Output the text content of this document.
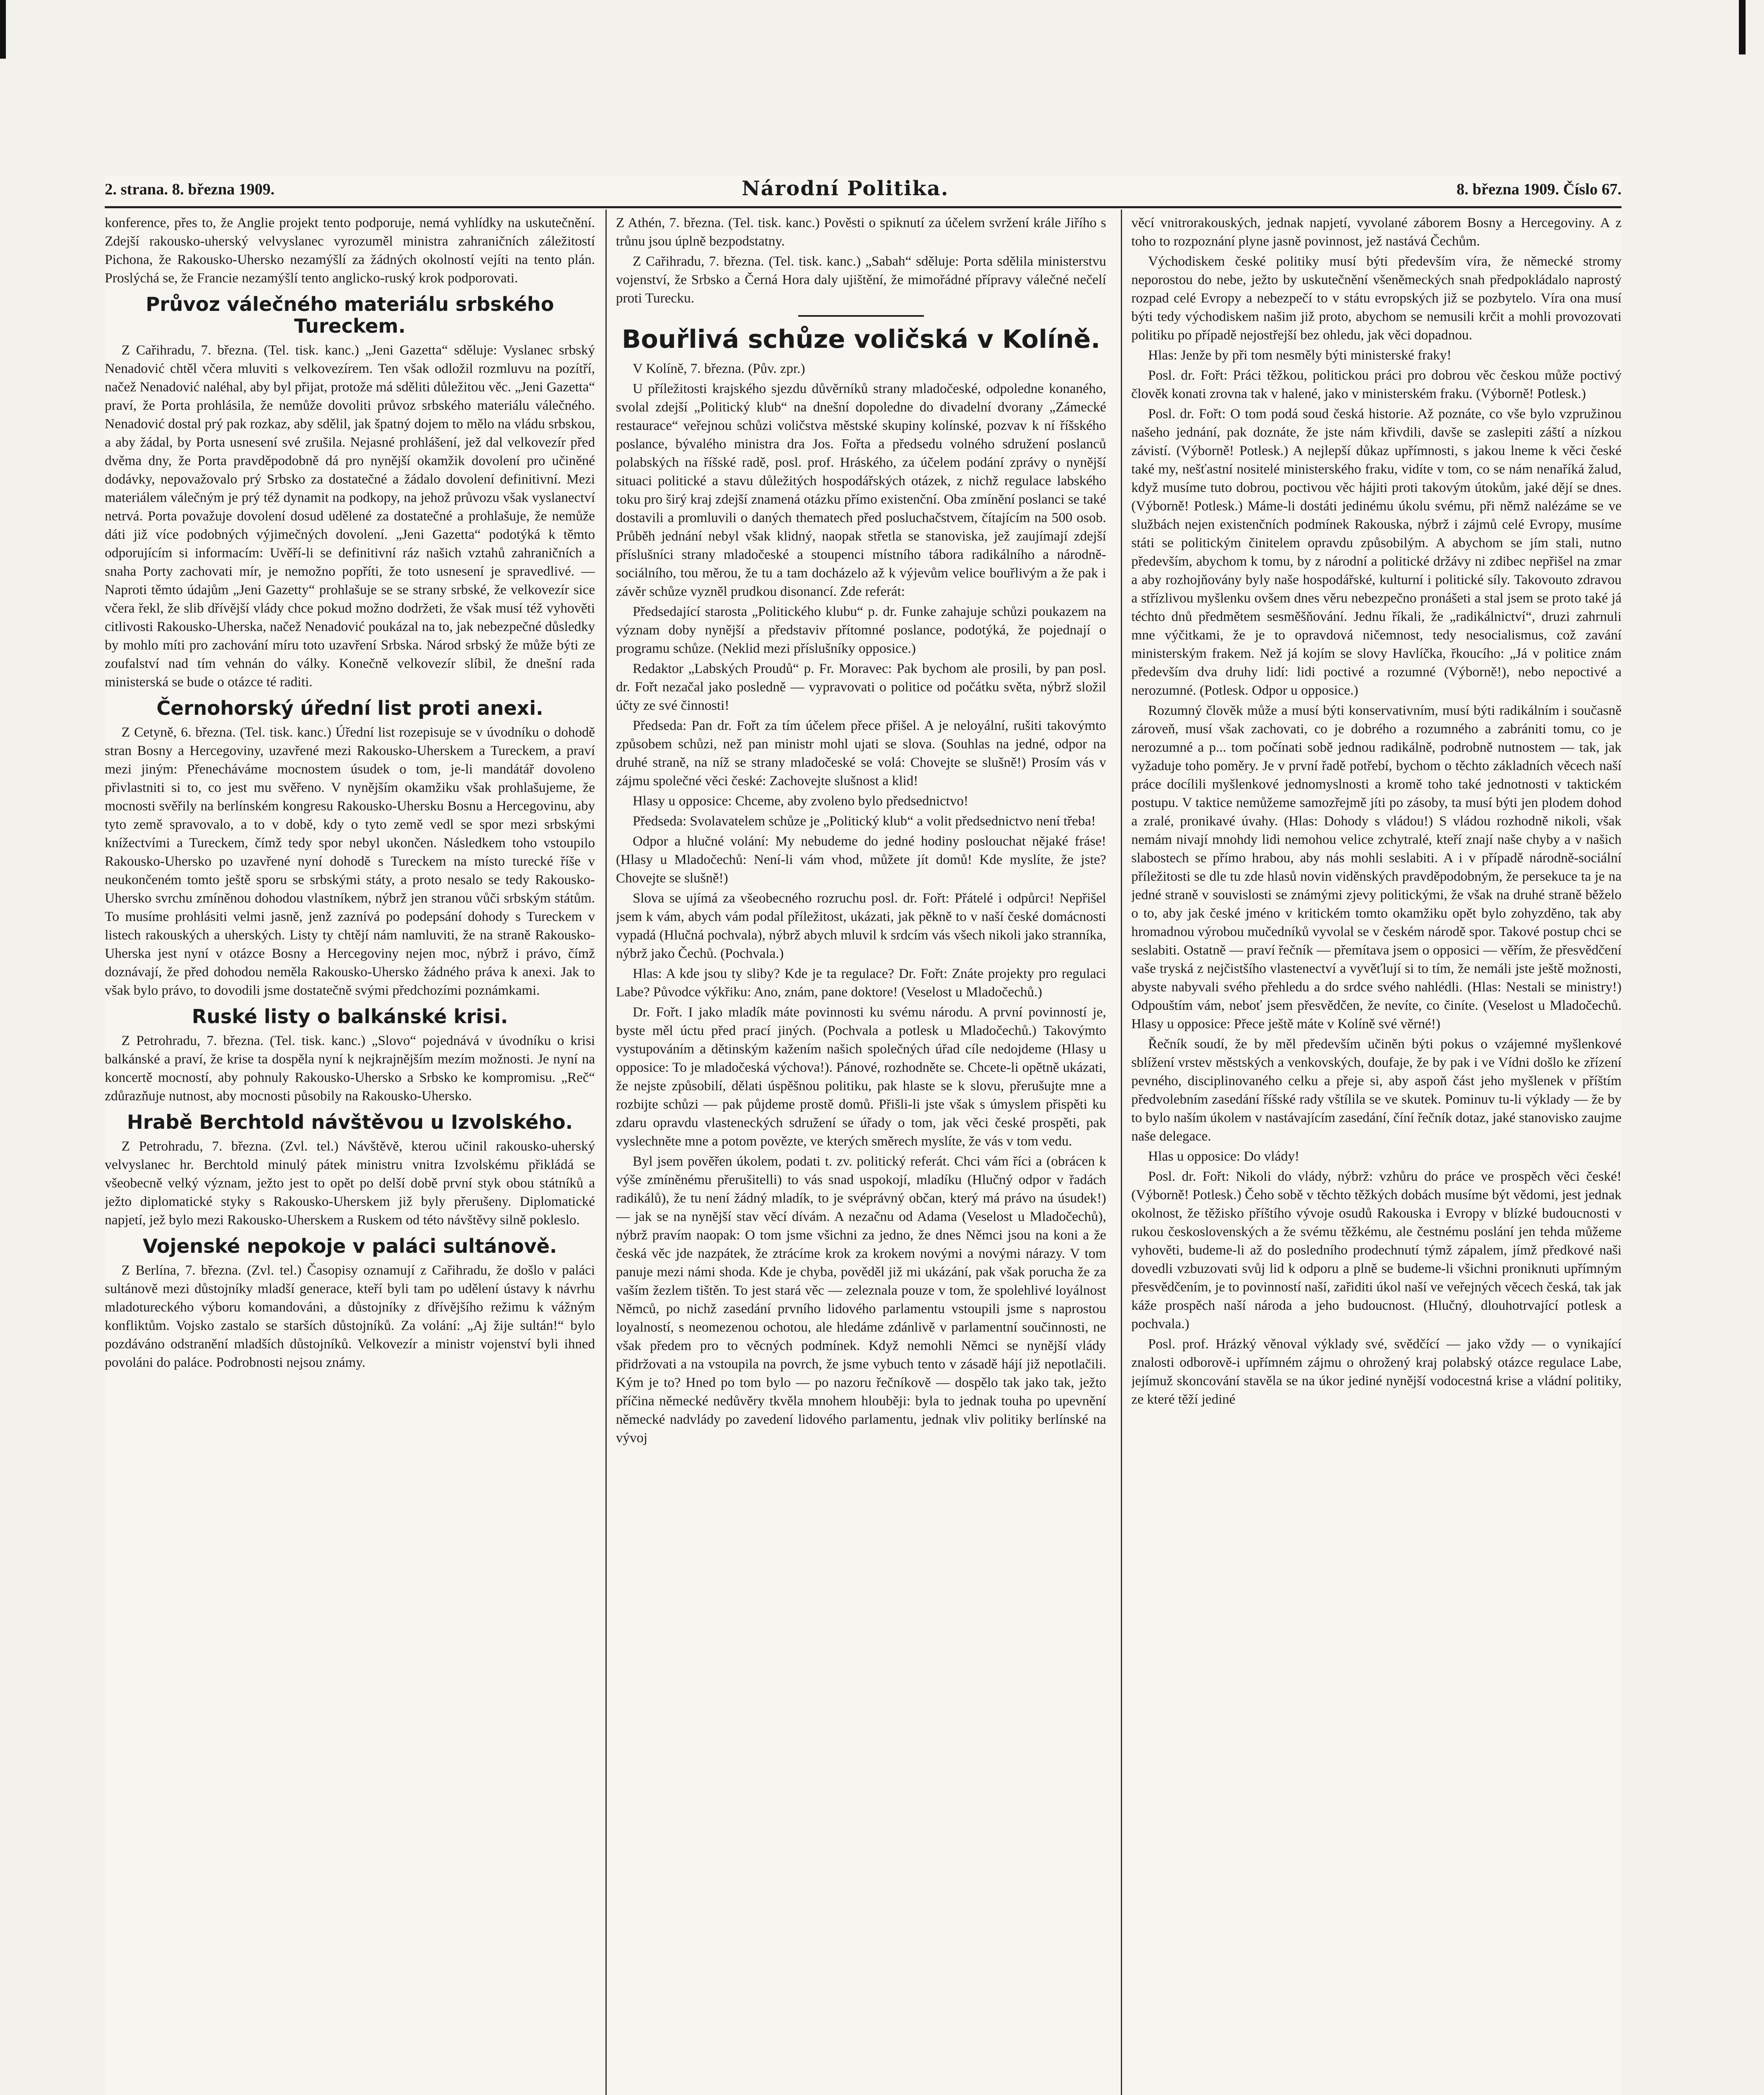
2. strana. 8. března 1909.	Národní Politika.	8. března 1909. Číslo 67.

konference, přes to, že Anglie projekt tento podporuje, nemá vyhlídky na uskutečnění. Zdejší rakousko-uherský velvyslanec vyrozuměl ministra zahraničních záležitostí Pichona, že Rakousko-Uhersko nezamýšlí za žádných okolností vejíti na tento plán. Proslýchá se, že Francie nezamýšlí tento anglicko-ruský krok podporovati.

Průvoz válečného materiálu srbského Tureckem.

Z Cařihradu, 7. března. (Tel. tisk. kanc.) „Jeni Gazetta“ sděluje: Vyslanec srbský Nenadović chtěl včera mluviti s velkovezírem. Ten však odložil rozmluvu na pozítří, načež Nenadović naléhal, aby byl přijat, protože má sděliti důležitou věc. „Jeni Gazetta“ praví, že Porta prohlásila, že nemůže dovoliti průvoz srbského materiálu válečného. Nenadović dostal prý pak rozkaz, aby sdělil, jak špatný dojem to mělo na vládu srbskou, a aby žádal, by Porta usnesení své zrušila. Nejasné prohlášení, jež dal velkovezír před dvěma dny, že Porta pravděpodobně dá pro nynější okamžik dovolení pro učiněné dodávky, nepovažovalo prý Srbsko za dostatečné a žádalo dovolení definitivní. Mezi materiálem válečným je prý též dynamit na podkopy, na jehož průvozu však vyslanectví netrvá. Porta považuje dovolení dosud udělené za dostatečné a prohlašuje, že nemůže dáti již více podobných výjimečných dovolení. „Jeni Gazetta“ podotýká k těmto odporujícím si informacím: Uvěří-li se definitivní ráz našich vztahů zahraničních a snaha Porty zachovati mír, je nemožno popříti, že toto usnesení je spravedlivé. — Naproti těmto údajům „Jeni Gazetty“ prohlašuje se se strany srbské, že velkovezír sice včera řekl, že slib dřívější vlády chce pokud možno dodržeti, že však musí též vyhověti citlivosti Rakousko-Uherska, načež Nenadović poukázal na to, jak nebezpečné důsledky by mohlo míti pro zachování míru toto uzavření Srbska. Národ srbský že může býti ze zoufalství nad tím vehnán do války. Konečně velkovezír slíbil, že dnešní rada ministerská se bude o otázce té raditi.

Černohorský úřední list proti anexi.

Z Cetyně, 6. března. (Tel. tisk. kanc.) Úřední list rozepisuje se v úvodníku o dohodě stran Bosny a Hercegoviny, uzavřené mezi Rakousko-Uherskem a Tureckem, a praví mezi jiným: Přenecháváme mocnostem úsudek o tom, je-li mandátář dovoleno přivlastniti si to, co jest mu svěřeno. V nynějším okamžiku však prohlašujeme, že mocnosti svěřily na berlínském kongresu Rakousko-Uhersku Bosnu a Hercegovinu, aby tyto země spravovalo, a to v době, kdy o tyto země vedl se spor mezi srbskými knížectvími a Tureckem, čímž tedy spor nebyl ukončen. Následkem toho vstoupilo Rakousko-Uhersko po uzavřené nyní dohodě s Tureckem na místo turecké říše v neukončeném tomto ještě sporu se srbskými státy, a proto nesalo se tedy Rakousko-Uhersko svrchu zmíněnou dohodou vlastníkem, nýbrž jen stranou vůči srbským státům. To musíme prohlásiti velmi jasně, jenž zaznívá po podepsání dohody s Tureckem v listech rakouských a uherských. Listy ty chtějí nám namluviti, že na straně Rakousko-Uherska jest nyní v otázce Bosny a Hercegoviny nejen moc, nýbrž i právo, čímž doznávají, že před dohodou neměla Rakousko-Uhersko žádného práva k anexi. Jak to však bylo právo, to dovodili jsme dostatečně svými předchozími poznámkami.

Ruské listy o balkánské krisi.

Z Petrohradu, 7. března. (Tel. tisk. kanc.) „Slovo“ pojednává v úvodníku o krisi balkánské a praví, že krise ta dospěla nyní k nejkrajnějším mezím možnosti. Je nyní na koncertě mocností, aby pohnuly Rakousko-Uhersko a Srbsko ke kompromisu. „Reč“ zdůrazňuje nutnost, aby mocnosti působily na Rakousko-Uhersko.

Hrabě Berchtold návštěvou u Izvolského.

Z Petrohradu, 7. března. (Zvl. tel.) Návštěvě, kterou učinil rakousko-uherský velvyslanec hr. Berchtold minulý pátek ministru vnitra Izvolskému přikládá se všeobecně velký význam, ježto jest to opět po delší době první styk obou státníků a ježto diplomatické styky s Rakousko-Uherskem již byly přerušeny. Diplomatické napjetí, jež bylo mezi Rakousko-Uherskem a Ruskem od této návštěvy silně pokleslo.

Vojenské nepokoje v paláci sultánově.

Z Berlína, 7. března. (Zvl. tel.) Časopisy oznamují z Cařihradu, že došlo v paláci sultánově mezi důstojníky mladší generace, kteří byli tam po udělení ústavy k návrhu mladotureckého výboru komandováni, a důstojníky z dřívějšího režimu k vážným konfliktům. Vojsko zastalo se starších důstojníků. Za volání: „Aj žije sultán!“ bylo pozdáváno odstranění mladších důstojníků. Velkovezír a ministr vojenství byli ihned povoláni do paláce. Podrobnosti nejsou známy.

Z Athén, 7. března. (Tel. tisk. kanc.) Pověsti o spiknutí za účelem svržení krále Jiřího s trůnu jsou úplně bezpodstatny.

Z Cařihradu, 7. března. (Tel. tisk. kanc.) „Sabah“ sděluje: Porta sdělila ministerstvu vojenství, že Srbsko a Černá Hora daly ujištění, že mimořádné přípravy válečné nečelí proti Turecku.

Bouřlivá schůze voličská v Kolíně.

V Kolíně, 7. března. (Pův. zpr.)

U příležitosti krajského sjezdu důvěrníků strany mladočeské, odpoledne konaného, svolal zdejší „Politický klub“ na dnešní dopoledne do divadelní dvorany „Zámecké restaurace“ veřejnou schůzi voličstva městské skupiny kolínské, pozvav k ní říšského poslance, bývalého ministra dra Jos. Fořta a předsedu volného sdružení poslanců polabských na říšské radě, posl. prof. Hráského, za účelem podání zprávy o nynější situaci politické a stavu důležitých hospodářských otázek, z nichž regulace labského toku pro širý kraj zdejší znamená otázku přímo existenční. Oba zmínění poslanci se také dostavili a promluvili o daných thematech před posluchačstvem, čítajícím na 500 osob. Průběh jednání nebyl však klidný, naopak střetla se stanoviska, jež zaujímají zdejší příslušníci strany mladočeské a stoupenci místního tábora radikálního a národně-sociálního, tou měrou, že tu a tam docházelo až k výjevům velice bouřlivým a že pak i závěr schůze vyzněl prudkou disonancí. Zde referát:

Předsedající starosta „Politického klubu“ p. dr. Funke zahajuje schůzi poukazem na význam doby nynější a představiv přítomné poslance, podotýká, že pojednají o programu schůze. (Neklid mezi příslušníky opposice.)

Redaktor „Labských Proudů“ p. Fr. Moravec: Pak bychom ale prosili, by pan posl. dr. Fořt nezačal jako posledně — vypravovati o politice od počátku světa, nýbrž složil účty ze své činnosti!

Předseda: Pan dr. Fořt za tím účelem přece přišel. A je neloyální, rušiti takovýmto způsobem schůzi, než pan ministr mohl ujati se slova. (Souhlas na jedné, odpor na druhé straně, na níž se strany mladočeské se volá: Chovejte se slušně!) Prosím vás v zájmu společné věci české: Zachovejte slušnost a klid!

Hlasy u opposice: Chceme, aby zvoleno bylo předsednictvo!

Předseda: Svolavatelem schůze je „Politický klub“ a volit předsednictvo není třeba!

Odpor a hlučné volání: My nebudeme do jedné hodiny poslouchat nějaké fráse! (Hlasy u Mladočechů: Není-li vám vhod, můžete jít domů! Kde myslíte, že jste? Chovejte se slušně!)

Slova se ujímá za všeobecného rozruchu posl. dr. Fořt: Přátelé i odpůrci! Nepřišel jsem k vám, abych vám podal příležitost, ukázati, jak pěkně to v naší české domácnosti vypadá (Hlučná pochvala), nýbrž abych mluvil k srdcím vás všech nikoli jako stranníka, nýbrž jako Čechů. (Pochvala.)

Hlas: A kde jsou ty sliby? Kde je ta regulace? Dr. Fořt: Znáte projekty pro regulaci Labe? Původce výkřiku: Ano, znám, pane doktore! (Veselost u Mladočechů.)

Dr. Fořt. I jako mladík máte povinnosti ku svému národu. A první povinností je, byste měl úctu před prací jiných. (Pochvala a potlesk u Mladočechů.) Takovýmto vystupováním a dětinským kažením našich společných úřad cíle nedojdeme (Hlasy u opposice: To je mladočeská výchova!). Pánové, rozhodněte se. Chcete-li opětně ukázati, že nejste způsobilí, dělati úspěšnou politiku, pak hlaste se k slovu, přerušujte mne a rozbijte schůzi — pak půjdeme prostě domů. Přišli-li jste však s úmyslem přispěti ku zdaru opravdu vlasteneckých sdružení se úřady o tom, jak věci české prospěti, pak vyslechněte mne a potom povězte, ve kterých směrech myslíte, že vás v tom vedu.

Byl jsem pověřen úkolem, podati t. zv. politický referát. Chci vám říci a (obrácen k výše zmíněnému přerušitelli) to vás snad uspokojí, mladíku (Hlučný odpor v řadách radikálů), že tu není žádný mladík, to je svéprávný občan, který má právo na úsudek!) — jak se na nynější stav věcí dívám. A nezačnu od Adama (Veselost u Mladočechů), nýbrž pravím naopak: O tom jsme všichni za jedno, že dnes Němci jsou na koni a že česká věc jde nazpátek, že ztrácíme krok za krokem novými a novými nárazy. V tom panuje mezi námi shoda. Kde je chyba, pověděl již mi ukázání, pak však porucha že za vaším žezlem tištěn. To jest stará věc — zeleznala pouze v tom, že spolehlivé loyálnost Němců, po nichž zasedání prvního lidového parlamentu vstoupili jsme s naprostou loyalností, s neomezenou ochotou, ale hledáme zdánlivě v parlamentní součinnosti, ne však předem pro to věcných podmínek. Když nemohli Němci se nynější vlády přidržovati a na vstoupila na povrch, že jsme vybuch tento v zásadě hájí již nepotlačili. Kým je to? Hned po tom bylo — po nazoru řečníkově — dospělo tak jako tak, ježto příčina německé nedůvěry tkvěla mnohem hlouběji: byla to jednak touha po upevnění německé nadvlády po zavedení lidového parlamentu, jednak vliv politiky berlínské na vývoj

věcí vnitrorakouských, jednak napjetí, vyvolané záborem Bosny a Hercegoviny. A z toho to rozpoznání plyne jasně povinnost, jež nastává Čechům.

Východiskem české politiky musí býti především víra, že německé stromy neporostou do nebe, ježto by uskutečnění všeněmeckých snah předpokládalo naprostý rozpad celé Evropy a nebezpečí to v státu evropských již se pozbytelo. Víra ona musí býti tedy východiskem našim již proto, abychom se nemusili krčit a mohli provozovati politiku po případě nejostřejší bez ohledu, jak věci dopadnou.

Hlas: Jenže by při tom nesměly býti ministerské fraky!

Posl. dr. Fořt: Práci těžkou, politickou práci pro dobrou věc českou může poctivý člověk konati zrovna tak v halené, jako v ministerském fraku. (Výborně! Potlesk.)

Posl. dr. Fořt: O tom podá soud česká historie. Až poznáte, co vše bylo vzpružinou našeho jednání, pak doznáte, že jste nám křivdili, davše se zaslepiti záští a nízkou závistí. (Výborně! Potlesk.) A nejlepší důkaz upřímnosti, s jakou lneme k věci české také my, nešťastní nositelé ministerského fraku, vidíte v tom, co se nám nenaříká žalud, když musíme tuto dobrou, poctivou věc hájiti proti takovým útokům, jaké dějí se dnes. (Výborně! Potlesk.) Máme-li dostáti jedinému úkolu svému, při němž nalézáme se ve službách nejen existenčních podmínek Rakouska, nýbrž i zájmů celé Evropy, musíme státi se politickým činitelem opravdu způsobilým. A abychom se jím stali, nutno především, abychom k tomu, by z národní a politické držávy ni zdibec nepřišel na zmar a aby rozhojňovány byly naše hospodářské, kulturní i politické síly. Takovouto zdravou a střízlivou myšlenku ovšem dnes věru nebezpečno pronášeti a stal jsem se proto také já téchto dnů předmětem sesměšňování. Jednu říkali, že „radikálnictví“, druzi zahrnuli mne výčitkami, že je to opravdová ničemnost, tedy nesocialismus, což zavání ministerským frakem. Než já kojím se slovy Havlíčka, řkoucího: „Já v politice znám především dva druhy lidí: lidi poctivé a rozumné (Výborně!), nebo nepoctivé a nerozumné. (Potlesk. Odpor u opposice.)

Rozumný člověk může a musí býti konservativním, musí býti radikálním i současně zároveň, musí však zachovati, co je dobrého a rozumného a zabrániti tomu, co je nerozumné a p... tom počínati sobě jednou radikálně, podrobně nutnostem — tak, jak vyžaduje toho poměry. Je v první řadě potřebí, bychom o těchto základních věcech naší práce docílili myšlenkové jednomyslnosti a kromě toho také jednotnosti v taktickém postupu. V taktice nemůžeme samozřejmě jíti po zásoby, ta musí býti jen plodem dohod a zralé, pronikavé úvahy. (Hlas: Dohody s vládou!) S vládou rozhodně nikoli, však nemám nivají mnohdy lidi nemohou velice zchytralé, kteří znají naše chyby a v našich slabostech se přímo hrabou, aby nás mohli seslabiti. A i v případě národně-sociální příležitosti se dle tu zde hlasů novin viděnských pravděpodobným, že persekuce ta je na jedné straně v souvislosti se známými zjevy politickými, že však na druhé straně běželo o to, aby jak české jméno v kritickém tomto okamžiku opět bylo zohyzděno, tak aby hromadnou výrobou mučedníků vyvolal se v českém národě spor. Takové postup chci se seslabiti. Ostatně — praví řečník — přemítava jsem o opposici — věřím, že přesvědčení vaše tryská z nejčistšího vlastenectví a vyvěťlují si to tím, že nemáli jste ještě možnosti, abyste nabyvali svého přehledu a do srdce svého nahlédli. (Hlas: Nestali se ministry!) Odpouštím vám, neboť jsem přesvědčen, že nevíte, co činíte. (Veselost u Mladočechů. Hlasy u opposice: Přece ještě máte v Kolíně své věrné!)

Řečník soudí, že by měl především učiněn býti pokus o vzájemné myšlenkové sblížení vrstev městských a venkovských, doufaje, že by pak i ve Vídni došlo ke zřízení pevného, disciplinovaného celku a přeje si, aby aspoň část jeho myšlenek v příštím předvolebním zasedání říšské rady vštílila se ve skutek. Pominuv tu-li výklady — že by to bylo naším úkolem v nastávajícím zasedání, číní řečník dotaz, jaké stanovisko zaujme naše delegace.

Hlas u opposice: Do vlády!

Posl. dr. Fořt: Nikoli do vlády, nýbrž: vzhůru do práce ve prospěch věci české! (Výborně! Potlesk.) Čeho sobě v těchto těžkých dobách musíme být vědomi, jest jednak okolnost, že těžisko příštího vývoje osudů Rakouska i Evropy v blízké budoucnosti v rukou československých a že svému těžkému, ale čestnému poslání jen tehda můžeme vyhověti, budeme-li až do posledního prodechnutí týmž zápalem, jímž předkové naši dovedli vzbuzovati svůj lid k odporu a plně se budeme-li všichni proniknuti upřímným přesvědčením, je to povinností naší, zařiditi úkol naší ve veřejných věcech česká, tak jak káže prospěch naší národa a jeho budoucnost. (Hlučný, dlouhotrvající potlesk a pochvala.)

Posl. prof. Hrázký věnoval výklady své, svědčící — jako vždy — o vynikající znalosti odborově-i upřímném zájmu o ohrožený kraj polabský otázce regulace Labe, jejímuž skoncování stavěla se na úkor jediné nynější vodocestná krise a vládní politiky, ze které těží jediné
